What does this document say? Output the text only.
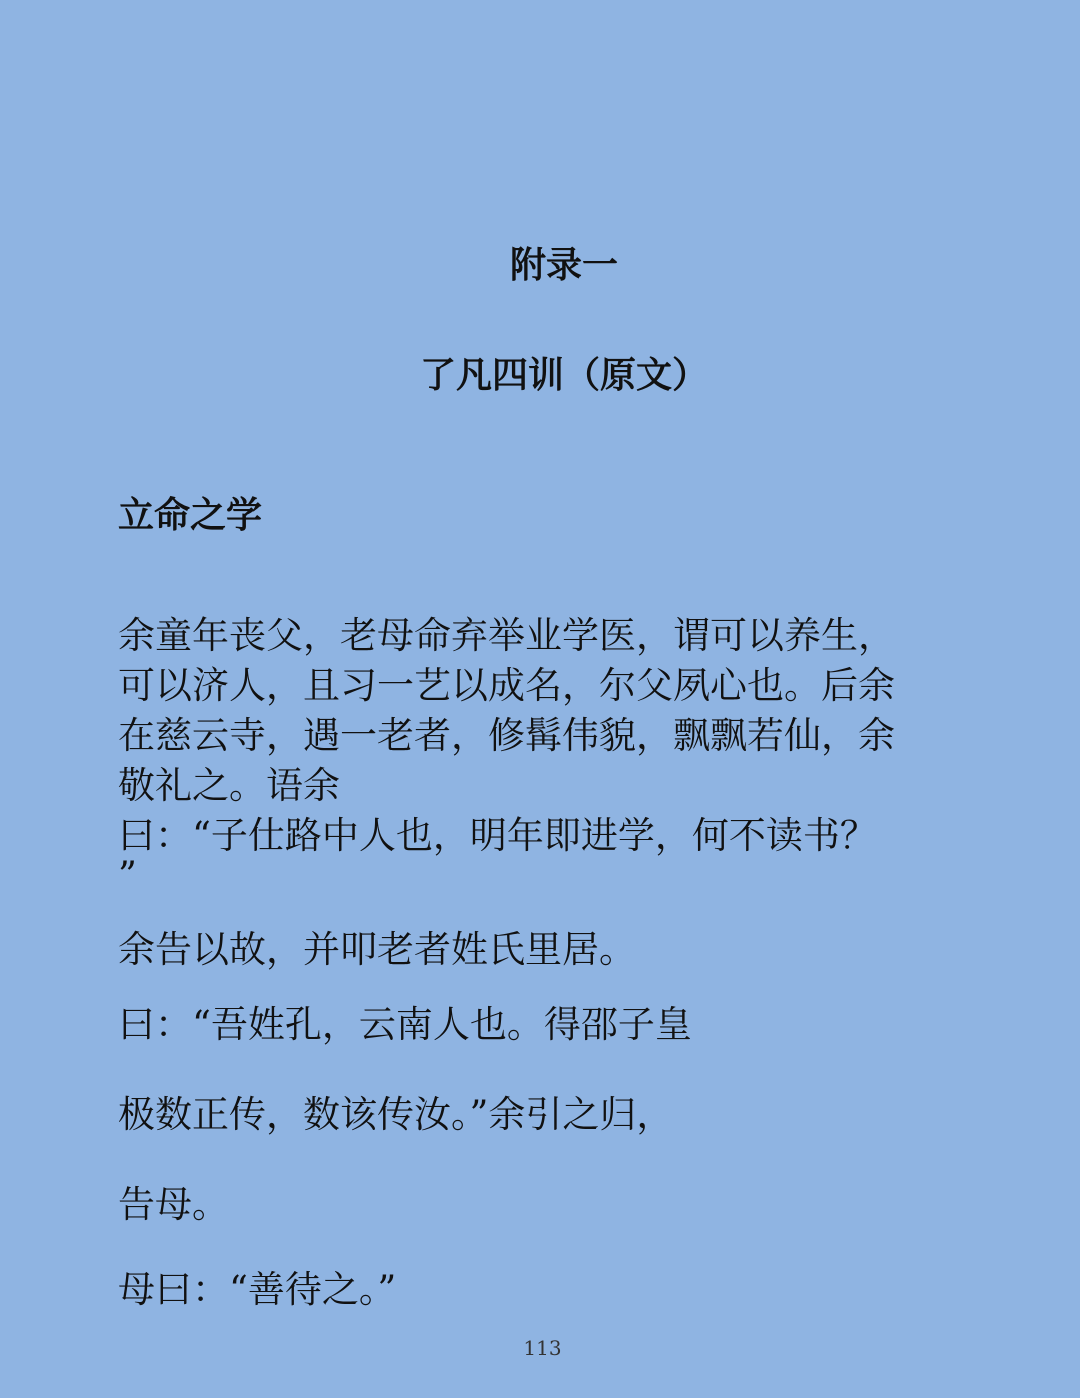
附录一
了凡四训（原文）
立命之学
余童年丧父，老母命弃举业学医，谓可以养生，
可以济人，且习一艺以成名，尔父夙心也。后余
在慈云寺，遇一老者，修髯伟貌，飘飘若仙，余
敬礼之。语余
曰：“子仕路中人也，明年即进学，何不读书？
”

余告以故，并叩老者姓氏里居。

曰：“吾姓孔，云南人也。得邵子皇

极数正传，数该传汝。”余引之归，

告母。

母曰：“善待之。”

113
